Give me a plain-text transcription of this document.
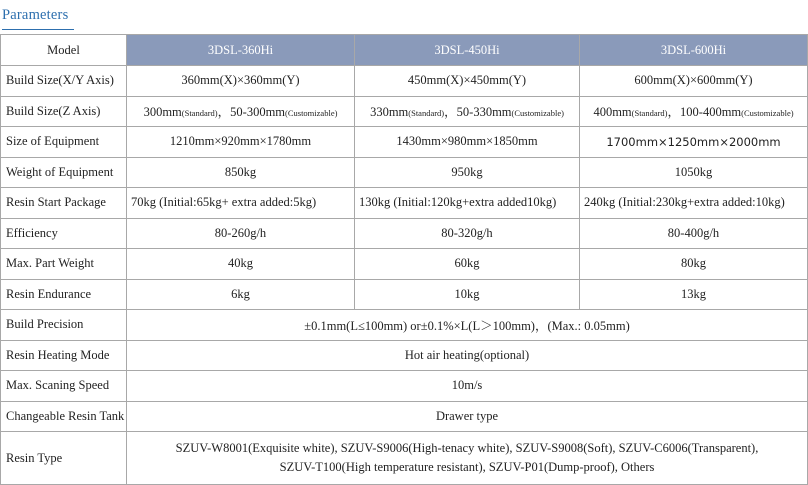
Parameters
Model	3DSL-360Hi	3DSL-450Hi	3DSL-600Hi
Build Size(X/Y Axis)	360mm(X)×360mm(Y)	450mm(X)×450mm(Y)	600mm(X)×600mm(Y)
Build Size(Z Axis)	300mm(Standard)，50-300mm(Customizable)	330mm(Standard)，50-330mm(Customizable)	400mm(Standard)，100-400mm(Customizable)
Size of Equipment	1210mm×920mm×1780mm	1430mm×980mm×1850mm	1700mm×1250mm×2000mm
Weight of Equipment	850kg	950kg	1050kg
Resin Start Package	70kg (Initial:65kg+ extra added:5kg)	130kg (Initial:120kg+extra added10kg)	240kg (Initial:230kg+extra added:10kg)
Efficiency	80-260g/h	80-320g/h	80-400g/h
Max. Part Weight	40kg	60kg	80kg
Resin Endurance	6kg	10kg	13kg
Build Precision	±0.1mm(L≤100mm) or±0.1%×L(L＞100mm)，(Max.: 0.05mm)		
Resin Heating Mode	Hot air heating(optional)		
Max. Scaning Speed	10m/s		
Changeable Resin Tank	Drawer type		
Resin Type	SZUV-W8001(Exquisite white), SZUV-S9006(High-tenacy white), SZUV-S9008(Soft), SZUV-C6006(Transparent),
SZUV-T100(High temperature resistant), SZUV-P01(Dump-proof), Others		
